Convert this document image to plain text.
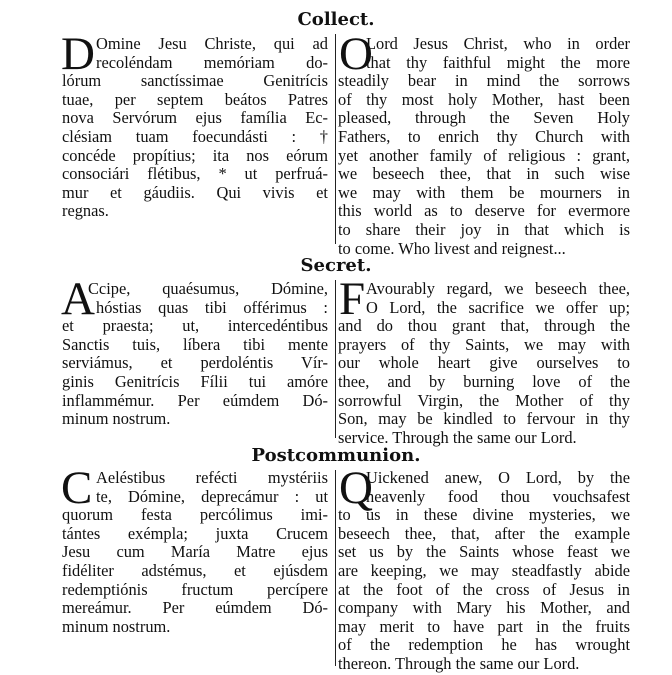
Collect.
D Omine Jesu Christe, qui ad
recoléndam memóriam do-
lórum sanctíssimae Genitrícis
tuae, per septem beátos Patres
nova Servórum ejus família Ec-
clésiam tuam foecundásti : †
concéde propítius; ita nos eórum
consociári flétibus, * ut perfruá-
mur et gáudiis. Qui vivis et
regnas.
O
Lord Jesus Christ, who in order
that thy faithful might the more
steadily bear in mind the sorrows
of thy most holy Mother, hast been
pleased, through the Seven Holy
Fathers, to enrich thy Church with
yet another family of religious : grant,
we beseech thee, that in such wise
we may with them be mourners in
this world as to deserve for evermore
to share their joy in that which is
to come. Who livest and reignest...
Secret.
A
Ccipe, quaésumus, Dómine,
hóstias quas tibi offérimus :
et praesta; ut, intercedéntibus
Sanctis tuis, líbera tibi mente
serviámus, et perdoléntis Vír-
ginis Genitrícis Fílii tui amóre
inflammémur. Per eúmdem Dó-
minum nostrum.
F Avourably regard, we beseech thee,
O Lord, the sacrifice we offer up;
and do thou grant that, through the
prayers of thy Saints, we may with
our whole heart give ourselves to
thee, and by burning love of the
sorrowful Virgin, the Mother of thy
Son, may be kindled to fervour in thy
service. Through the same our Lord.
Postcommunion.
C Aeléstibus refécti mystériis
te, Dómine, deprecámur : ut
quorum festa percólimus imi-
tántes exémpla; juxta Crucem
Jesu cum María Matre ejus
fidéliter adstémus, et ejúsdem
redemptiónis fructum percípere
mereámur. Per eúmdem Dó-
minum nostrum.
Q
Uickened anew, O Lord, by the
heavenly food thou vouchsafest
to us in these divine mysteries, we
beseech thee, that, after the example
set us by the Saints whose feast we
are keeping, we may steadfastly abide
at the foot of the cross of Jesus in
company with Mary his Mother, and
may merit to have part in the fruits
of the redemption he has wrought
thereon. Through the same our Lord.
